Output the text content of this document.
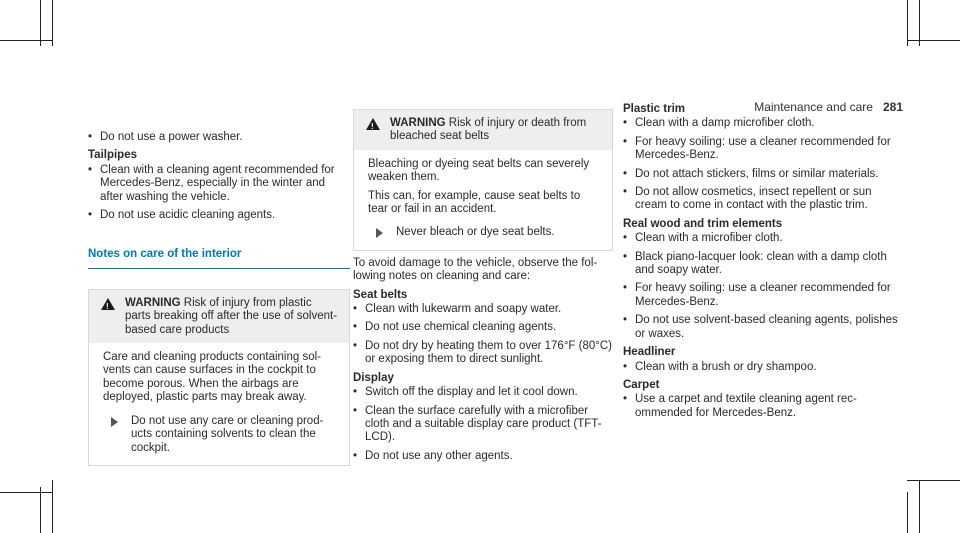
Maintenance and care 281
• Do not use a power washer.
Tailpipes
• Clean with a cleaning agent recommended for Mercedes-Benz, especially in the winter and after washing the vehicle.
• Do not use acidic cleaning agents.
Notes on care of the interior
! WARNING Risk of injury from plastic parts breaking off after the use of solvent-based care products

Care and cleaning products containing solvents can cause surfaces in the cockpit to become porous. When the airbags are deployed, plastic parts may break away.

Do not use any care or cleaning products containing solvents to clean the cockpit.
! WARNING Risk of injury or death from bleached seat belts

Bleaching or dyeing seat belts can severely weaken them.

This can, for example, cause seat belts to tear or fail in an accident.

Never bleach or dye seat belts.

To avoid damage to the vehicle, observe the following notes on cleaning and care:

Seat belts
• Clean with lukewarm and soapy water.
• Do not use chemical cleaning agents.
• Do not dry by heating them to over 176°F (80°C) or exposing them to direct sunlight.
Display
• Switch off the display and let it cool down.
• Clean the surface carefully with a microfiber cloth and a suitable display care product (TFT-LCD).
• Do not use any other agents.
Plastic trim
• Clean with a damp microfiber cloth.
• For heavy soiling: use a cleaner recommended for Mercedes-Benz.
• Do not attach stickers, films or similar materials.
• Do not allow cosmetics, insect repellent or sun cream to come in contact with the plastic trim.
Real wood and trim elements
• Clean with a microfiber cloth.
• Black piano-lacquer look: clean with a damp cloth and soapy water.
• For heavy soiling: use a cleaner recommended for Mercedes-Benz.
• Do not use solvent-based cleaning agents, polishes or waxes.
Headliner
• Clean with a brush or dry shampoo.
Carpet
• Use a carpet and textile cleaning agent recommended for Mercedes-Benz.
